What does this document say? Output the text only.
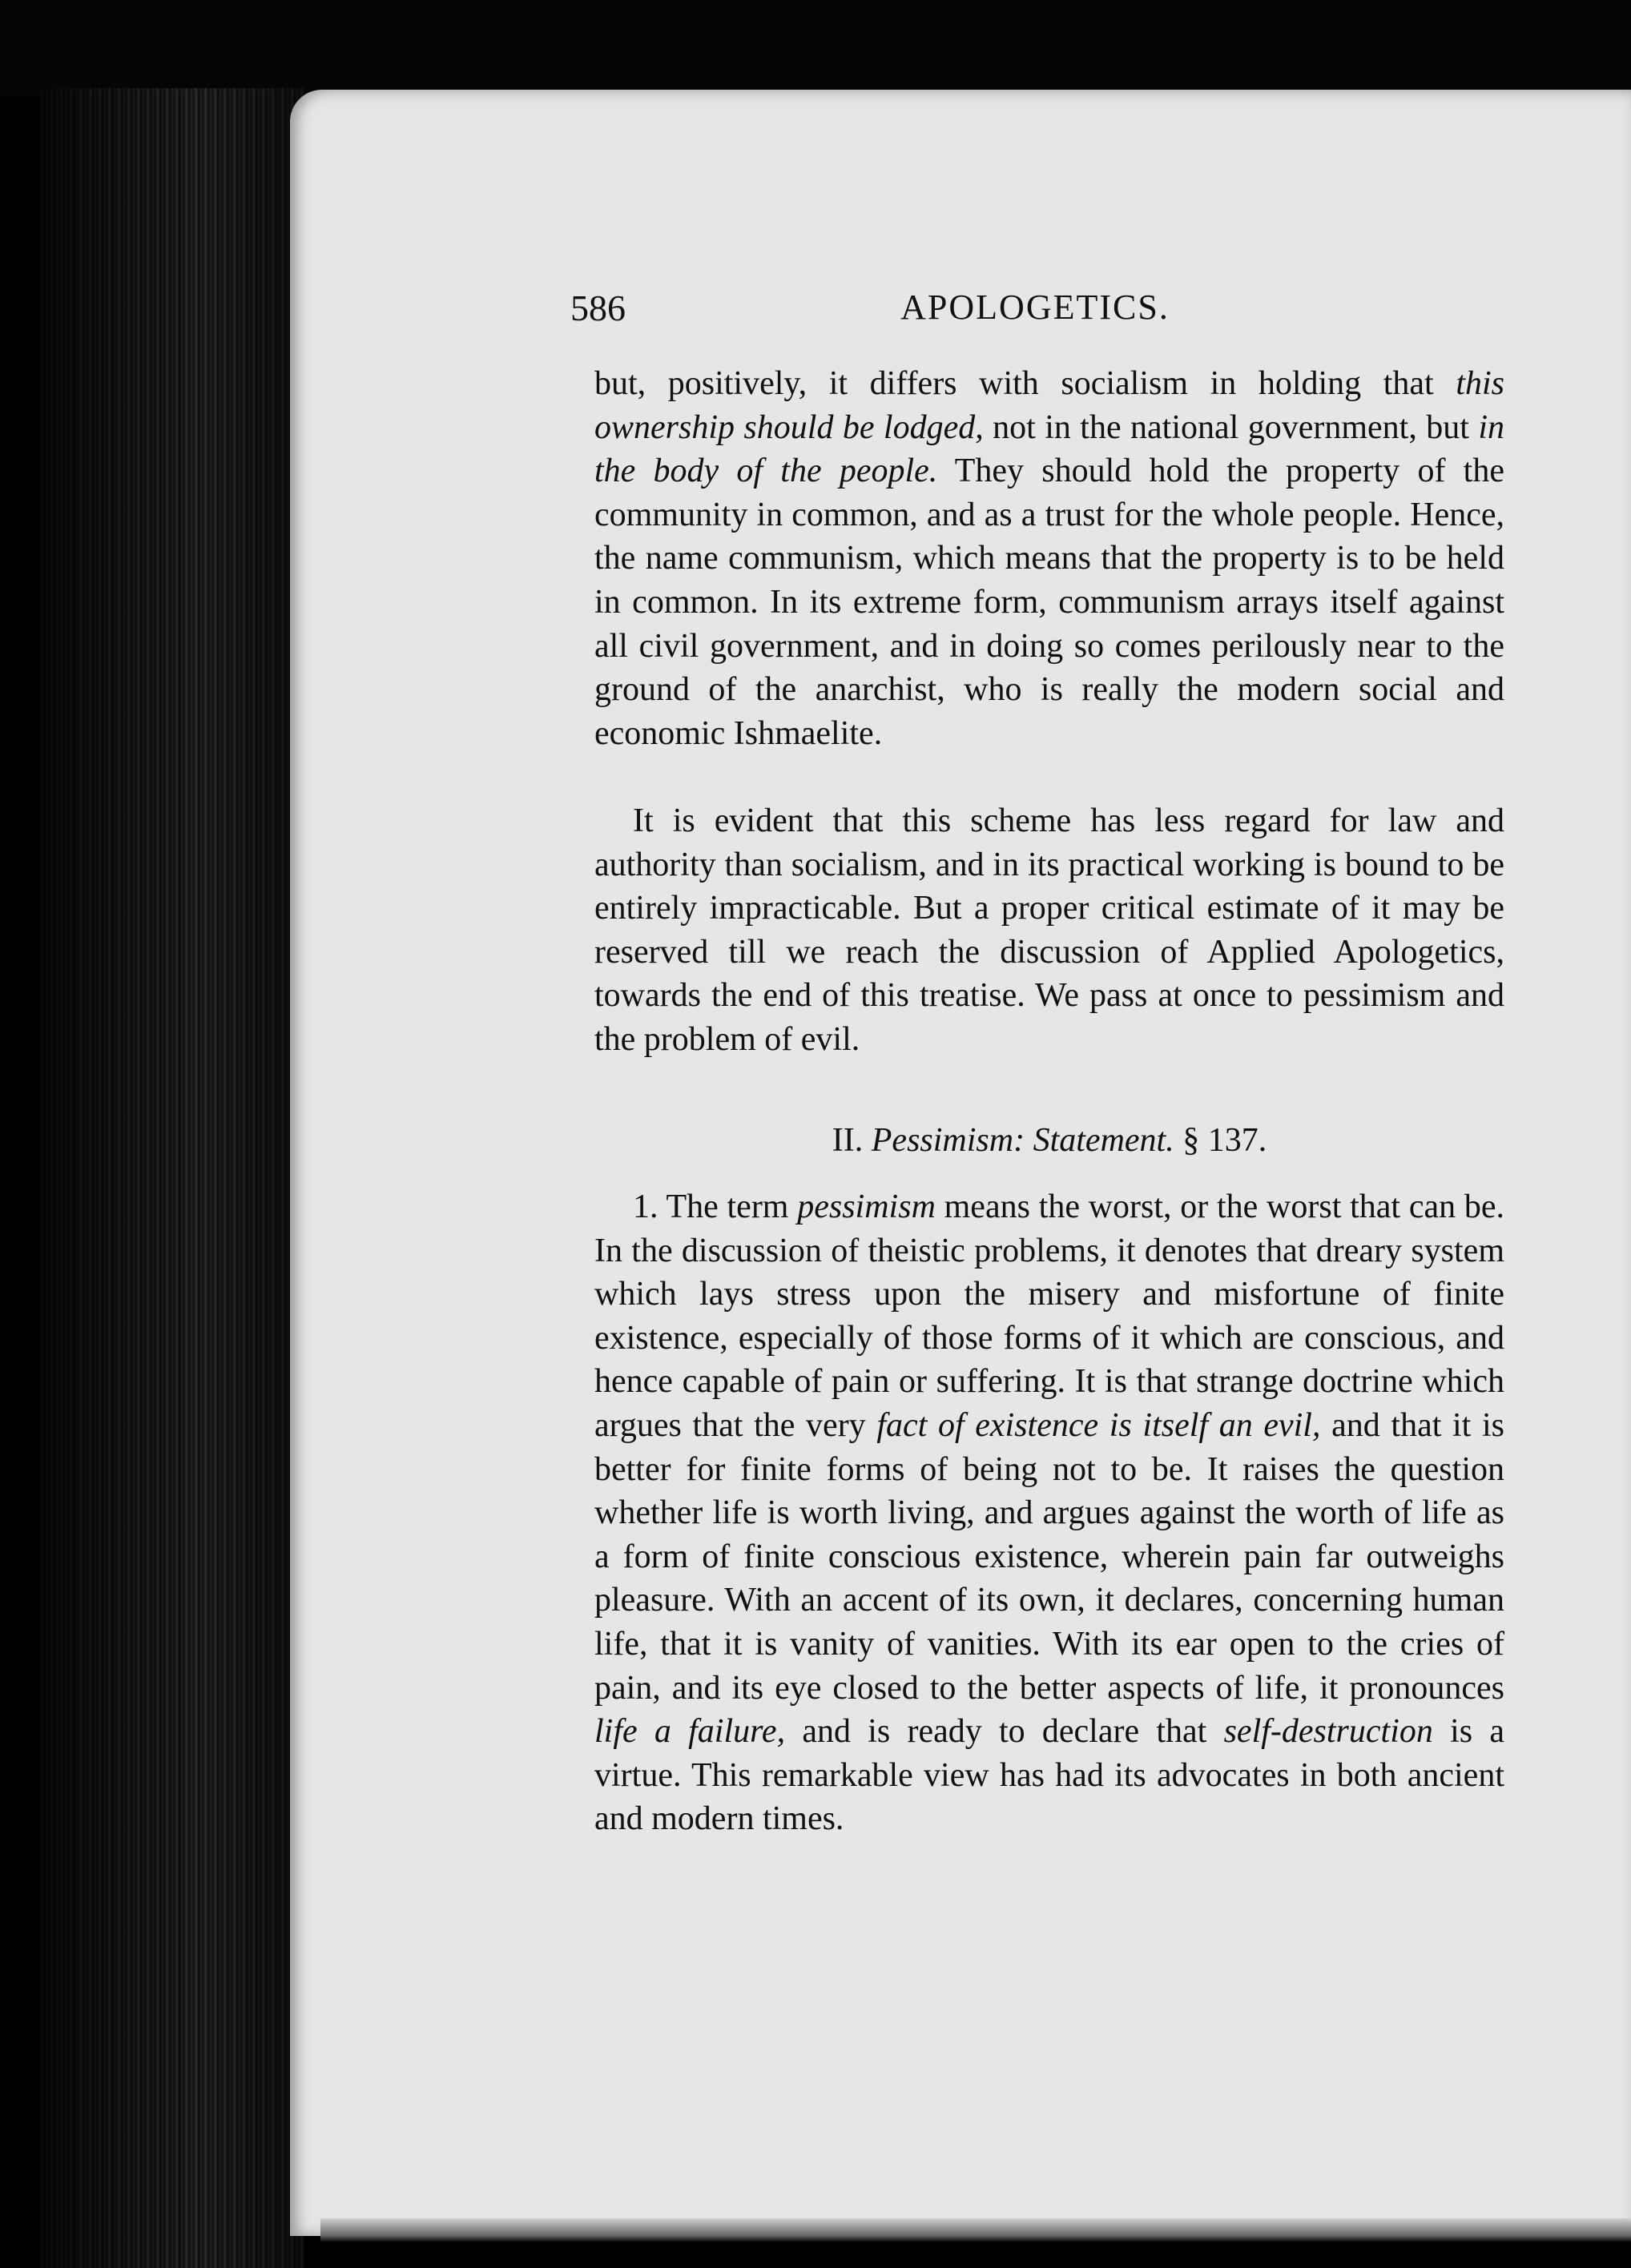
586	APOLOGETICS.

but, positively, it differs with socialism in holding that this ownership should be lodged, not in the national government, but in the body of the people. They should hold the property of the community in common, and as a trust for the whole people. Hence, the name communism, which means that the property is to be held in common. In its extreme form, communism arrays itself against all civil government, and in doing so comes perilously near to the ground of the anarchist, who is really the modern social and economic Ishmaelite.

It is evident that this scheme has less regard for law and authority than socialism, and in its practical working is bound to be entirely impracticable. But a proper critical estimate of it may be reserved till we reach the discussion of Applied Apologetics, towards the end of this treatise. We pass at once to pessimism and the problem of evil.

II. Pessimism: Statement. § 137.

1. The term pessimism means the worst, or the worst that can be. In the discussion of theistic problems, it denotes that dreary system which lays stress upon the misery and misfortune of finite existence, especially of those forms of it which are conscious, and hence capable of pain or suffering. It is that strange doctrine which argues that the very fact of existence is itself an evil, and that it is better for finite forms of being not to be. It raises the question whether life is worth living, and argues against the worth of life as a form of finite conscious existence, wherein pain far outweighs pleasure. With an accent of its own, it declares, concerning human life, that it is vanity of vanities. With its ear open to the cries of pain, and its eye closed to the better aspects of life, it pronounces life a failure, and is ready to declare that self-destruction is a virtue. This remarkable view has had its advocates in both ancient and modern times.
